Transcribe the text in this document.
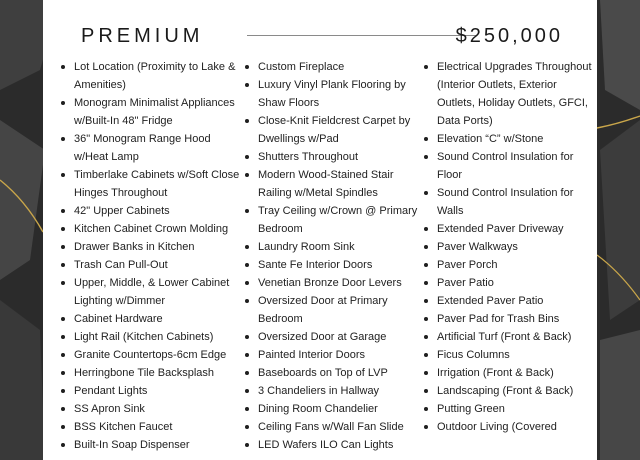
PREMIUM	$250,000
Lot Location (Proximity to Lake & Amenities)
Monogram Minimalist Appliances w/Built-In 48" Fridge
36" Monogram Range Hood w/Heat Lamp
Timberlake Cabinets w/Soft Close Hinges Throughout
42" Upper Cabinets
Kitchen Cabinet Crown Molding
Drawer Banks in Kitchen
Trash Can Pull-Out
Upper, Middle, & Lower Cabinet Lighting w/Dimmer
Cabinet Hardware
Light Rail (Kitchen Cabinets)
Granite Countertops-6cm Edge
Herringbone Tile Backsplash
Pendant Lights
SS Apron Sink
BSS Kitchen Faucet
Built-In Soap Dispenser
Custom Fireplace
Luxury Vinyl Plank Flooring by Shaw Floors
Close-Knit Fieldcrest Carpet by Dwellings w/Pad
Shutters Throughout
Modern Wood-Stained Stair Railing w/Metal Spindles
Tray Ceiling w/Crown @ Primary Bedroom
Laundry Room Sink
Sante Fe Interior Doors
Venetian Bronze Door Levers
Oversized Door at Primary Bedroom
Oversized Door at Garage
Painted Interior Doors
Baseboards on Top of LVP
3 Chandeliers in Hallway
Dining Room Chandelier
Ceiling Fans w/Wall Fan Slide
LED Wafers ILO Can Lights
Electrical Upgrades Throughout (Interior Outlets, Exterior Outlets, Holiday Outlets, GFCI, Data Ports)
Elevation “C” w/Stone
Sound Control Insulation for Floor
Sound Control Insulation for Walls
Extended Paver Driveway
Paver Walkways
Paver Porch
Paver Patio
Extended Paver Patio
Paver Pad for Trash Bins
Artificial Turf (Front & Back)
Ficus Columns
Irrigation (Front & Back)
Landscaping (Front & Back)
Putting Green
Outdoor Living (Covered
